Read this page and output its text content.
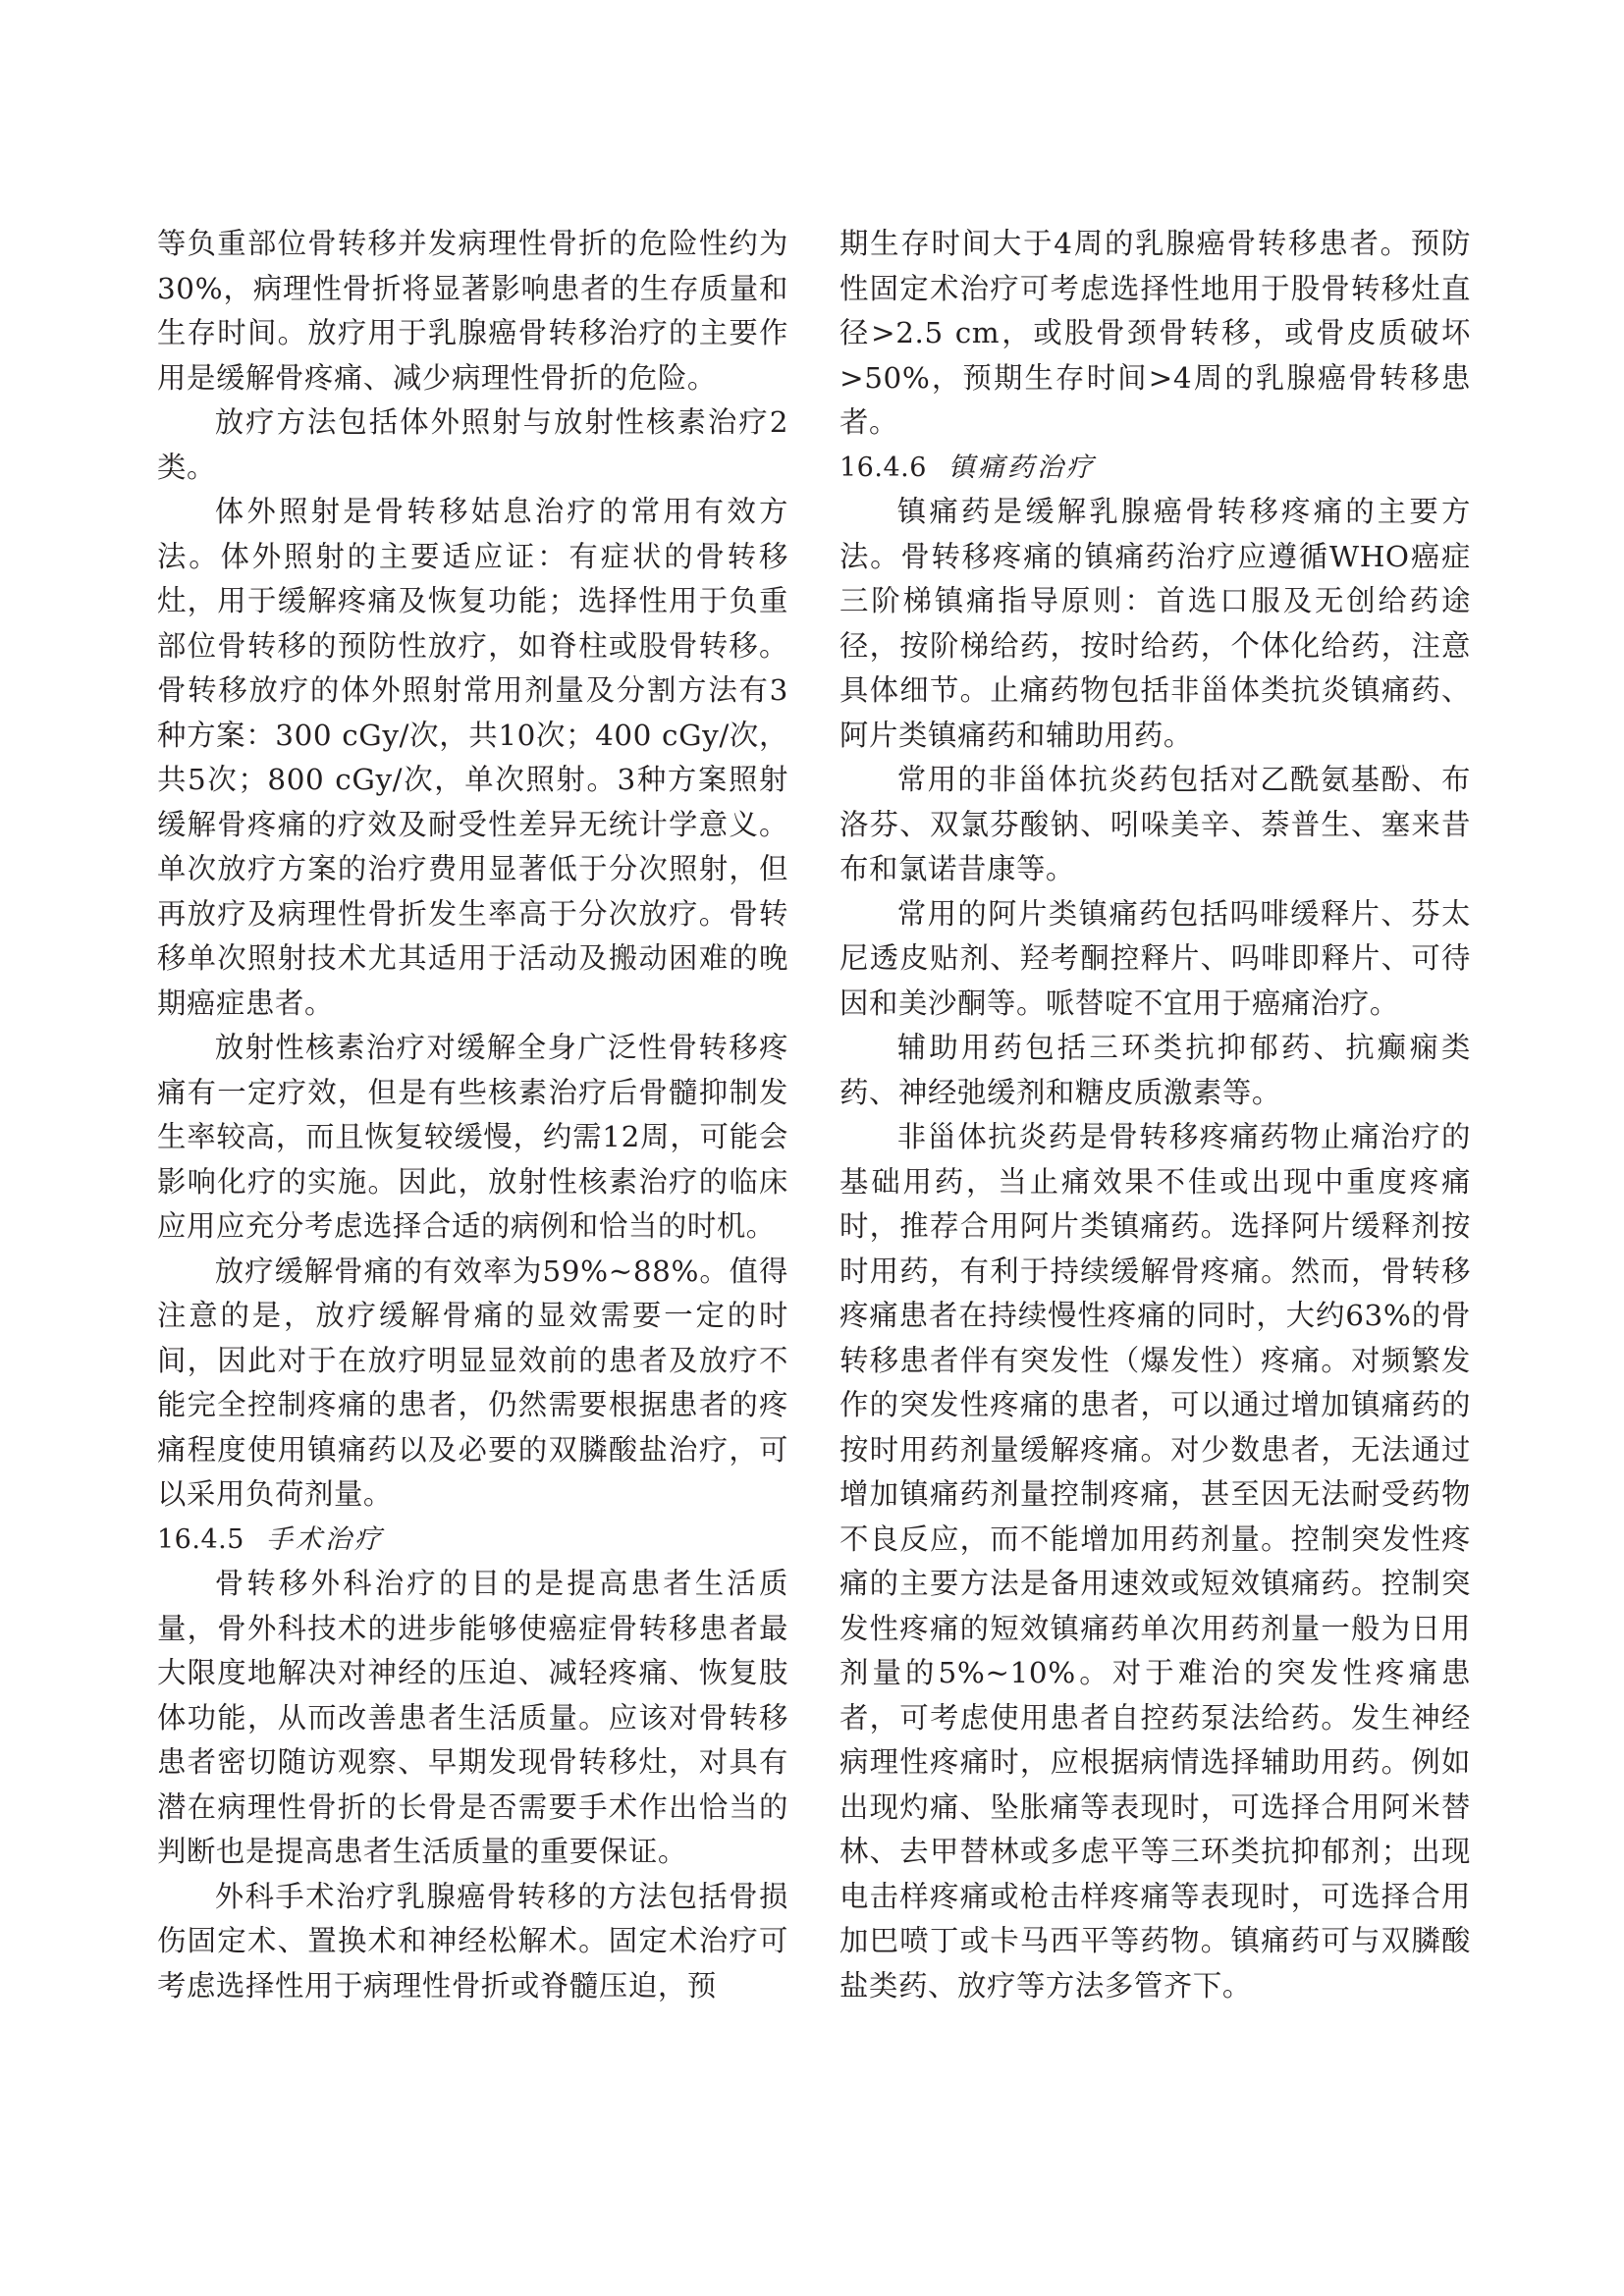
等负重部位骨转移并发病理性骨折的危险性约为30%，病理性骨折将显著影响患者的生存质量和生存时间。放疗用于乳腺癌骨转移治疗的主要作用是缓解骨疼痛、减少病理性骨折的危险。

放疗方法包括体外照射与放射性核素治疗2类。

体外照射是骨转移姑息治疗的常用有效方法。体外照射的主要适应证：有症状的骨转移灶，用于缓解疼痛及恢复功能；选择性用于负重部位骨转移的预防性放疗，如脊柱或股骨转移。骨转移放疗的体外照射常用剂量及分割方法有3种方案：300 cGy/次，共10次；400 cGy/次，共5次；800 cGy/次，单次照射。3种方案照射缓解骨疼痛的疗效及耐受性差异无统计学意义。单次放疗方案的治疗费用显著低于分次照射，但再放疗及病理性骨折发生率高于分次放疗。骨转移单次照射技术尤其适用于活动及搬动困难的晚期癌症患者。

放射性核素治疗对缓解全身广泛性骨转移疼痛有一定疗效，但是有些核素治疗后骨髓抑制发生率较高，而且恢复较缓慢，约需12周，可能会影响化疗的实施。因此，放射性核素治疗的临床应用应充分考虑选择合适的病例和恰当的时机。

放疗缓解骨痛的有效率为59%~88%。值得注意的是，放疗缓解骨痛的显效需要一定的时间，因此对于在放疗明显显效前的患者及放疗不能完全控制疼痛的患者，仍然需要根据患者的疼痛程度使用镇痛药以及必要的双膦酸盐治疗，可以采用负荷剂量。

16.4.5 手术治疗

骨转移外科治疗的目的是提高患者生活质量，骨外科技术的进步能够使癌症骨转移患者最大限度地解决对神经的压迫、减轻疼痛、恢复肢体功能，从而改善患者生活质量。应该对骨转移患者密切随访观察、早期发现骨转移灶，对具有潜在病理性骨折的长骨是否需要手术作出恰当的判断也是提高患者生活质量的重要保证。

外科手术治疗乳腺癌骨转移的方法包括骨损伤固定术、置换术和神经松解术。固定术治疗可考虑选择性用于病理性骨折或脊髓压迫，预

期生存时间大于4周的乳腺癌骨转移患者。预防性固定术治疗可考虑选择性地用于股骨转移灶直径>2.5 cm，或股骨颈骨转移，或骨皮质破坏>50%，预期生存时间>4周的乳腺癌骨转移患者。

16.4.6 镇痛药治疗

镇痛药是缓解乳腺癌骨转移疼痛的主要方法。骨转移疼痛的镇痛药治疗应遵循WHO癌症三阶梯镇痛指导原则：首选口服及无创给药途径，按阶梯给药，按时给药，个体化给药，注意具体细节。止痛药物包括非甾体类抗炎镇痛药、阿片类镇痛药和辅助用药。

常用的非甾体抗炎药包括对乙酰氨基酚、布洛芬、双氯芬酸钠、吲哚美辛、萘普生、塞来昔布和氯诺昔康等。

常用的阿片类镇痛药包括吗啡缓释片、芬太尼透皮贴剂、羟考酮控释片、吗啡即释片、可待因和美沙酮等。哌替啶不宜用于癌痛治疗。

辅助用药包括三环类抗抑郁药、抗癫痫类药、神经弛缓剂和糖皮质激素等。

非甾体抗炎药是骨转移疼痛药物止痛治疗的基础用药，当止痛效果不佳或出现中重度疼痛时，推荐合用阿片类镇痛药。选择阿片缓释剂按时用药，有利于持续缓解骨疼痛。然而，骨转移疼痛患者在持续慢性疼痛的同时，大约63%的骨转移患者伴有突发性（爆发性）疼痛。对频繁发作的突发性疼痛的患者，可以通过增加镇痛药的按时用药剂量缓解疼痛。对少数患者，无法通过增加镇痛药剂量控制疼痛，甚至因无法耐受药物不良反应，而不能增加用药剂量。控制突发性疼痛的主要方法是备用速效或短效镇痛药。控制突发性疼痛的短效镇痛药单次用药剂量一般为日用剂量的5%~10%。对于难治的突发性疼痛患者，可考虑使用患者自控药泵法给药。发生神经病理性疼痛时，应根据病情选择辅助用药。例如出现灼痛、坠胀痛等表现时，可选择合用阿米替林、去甲替林或多虑平等三环类抗抑郁剂；出现电击样疼痛或枪击样疼痛等表现时，可选择合用加巴喷丁或卡马西平等药物。镇痛药可与双膦酸盐类药、放疗等方法多管齐下。
